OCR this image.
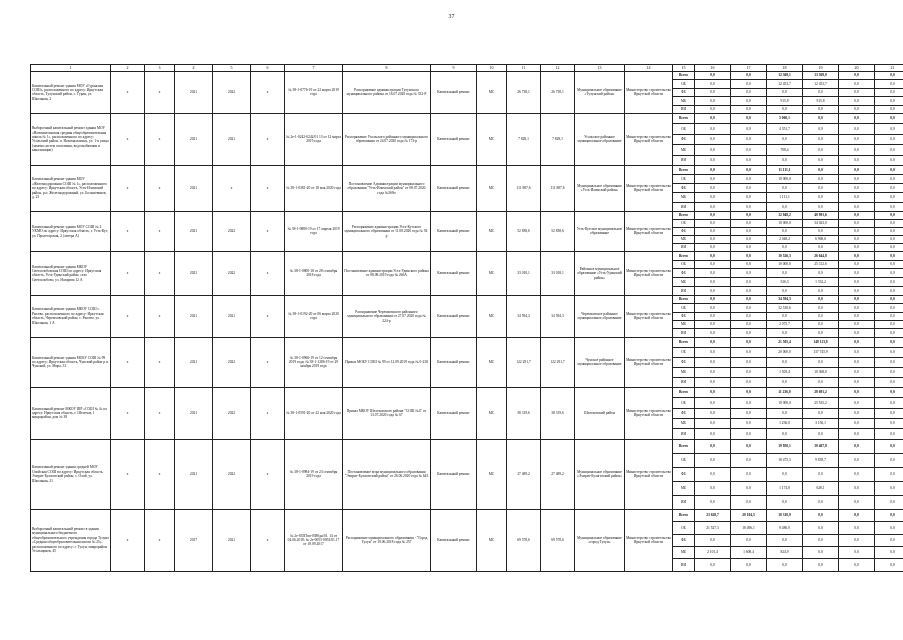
37
1	2	3	4	5	6	7	8	9	10	11	12	13	14	15	16	17	18	19	20	21
Капитальный ремонт здания МОУ «Гуранская СОШ», расположенного по адресу: Иркутская область, Тулунский район, с. Гуран, ул. Школьная, 2	x	x	2021	2022	x	№ 38-1-0776-19 от 22 марта 2019 года	Распоряжение администрации Тулунского муниципального района от 16.07.2020 года № 332-Р	Капитальный ремонт	МС	26 738,1	26 738,1	Муниципальное образование «Тулунский район»	Министерство строительства Иркутской области	Всего	0,0	0,0	12 369,1	13 369,0	0,0	0,0
														ОБ	0,0	0,0	12 453,7	12 453,7	0,0	0,0
														ФБ	0,0	0,0	0,0	0,0	0,0	0,0
														МБ	0,0	0,0	915,8	915,8	0,0	0,0
														ИИ	0,0	0,0	0,0	0,0	0,0	0,0
Выборочный капитальный ремонт здания МОУ «Новонилтинская средняя общеобразовательная школа № 1», расположенного по адресу: Усольский район, п. Новомальтинск, ул. 1-я улица (замена систем отопления, водоснабжения и канализации)	x	x	2021	2021	x	№ 2е-1-0242-0242/01 13 от 12 марта 2019 года	Распоряжение Усольского районного муниципального образования от 24.07.2020 года № 173-р	Капитальный ремонт	МС	7 828,1	7 828,1	Усольское районное муниципальное образование	Министерство строительства Иркутской области	Всего	0,0	0,0	5 060,1	0,0	0,0	0,0
														ОБ	0,0	0,0	4 351,7	0,0	0,0	0,0
														ФБ	0,0	0,0	0,0	0,0	0,0	0,0
														МБ	0,0	0,0	708,4	0,0	0,0	0,0
														ИИ	0,0	0,0	0,0	0,0	0,0	0,0
Капитальный ремонт здания МОУ «Железнодорожная СОШ № 1», расположенного по адресу: Иркутская область, Усть-Илимский район, р.п. Железнодорожный, ул. Большевиков, д. 23	x	x	2021	x	x	№ 38-1-0381-20 от 18 мая 2020 года	Постановление Администрации муниципального образования "Усть-Илимский район" от 08.07.2020 года №369п	Капитальный ремонт	МС	111 887,6	111 887,6	Муниципальное образование «Усть-Илимский район»	Министерство строительства Иркутской области	Всего	0,0	0,0	11 111,1	0,0	0,0	0,0
														ОБ	0,0	0,0	10 000,0	0,0	0,0	0,0
														ФБ	0,0	0,0	0,0	0,0	0,0	0,0
														МБ	0,0	0,0	1 111,1	0,0	0,0	0,0
														ИИ	0,0	0,0	0,0	0,0	0,0	0,0
Капитальный ремонт здания МОУ СОШ № 2 УКМО по адресу: Иркутская область, г. Усть-Кут, ул. Пролетарская, 2 (литера А)	x	x	2021	2022	x	№ 38-1-0880-19 от 17 апреля 2019 года	Распоряжение администрации Усть-Кутского муниципального образования от 11.08.2020 года № 92-р	Капитальный ремонт	МС	52 838,6	52 838,6	Усть-Кутское муниципальное образование	Министерство строительства Иркутской области	Всего	0,0	0,0	12 048,2	40 991,6	0,0	0,0
														ОБ	0,0	0,0	10 000,0	34 023,0	0,0	0,0
														ФБ	0,0	0,0	0,0	0,0	0,0	0,0
														МБ	0,0	0,0	2 048,2	6 968,6	0,0	0,0
														ИИ	0,0	0,0	0,0	0,0	0,0	0,0
Капитальный ремонт здания МКОУ Светлолобовская СОШ по адресу: Иркутская область, Усть-Удинский район, село Светлолобово, ул. Назарова 12 А	x	x	2021	2022	x	№ 38-1-0800-18 от 28 сентября 2018 года	Постановление администрации Усть-Удинского района от 08.08.2019 года № 266А	Капитальный ремонт	МС	33 018,1	33 018,1	Районное муниципальное образование «Усть-Удинский район»	Министерство строительства Иркутской области	Всего	0,0	0,0	10 526,3	26 644,8	0,0	0,0
														ОБ	0,0	0,0	10 000,0	25 312,6	0,0	0,0
														ФБ	0,0	0,0	0,0	0,0	0,0	0,0
														МБ	0,0	0,0	526,3	1 332,2	0,0	0,0
														ИИ	0,0	0,0	0,0	0,0	0,0	0,0
Капитальный ремонт здания МКОУ СОШ с. Рысево, расположенного по адресу: Иркутская область, Черемховский район, с. Рысево, ул. Школьная, 1 А	x	x	2021	2021	x	№ 38-1-0192-20 от 06 марта 2020 года	Распоряжение Черемховского районного муниципального образования от 27.07.2020 года № 224-р	Капитальный ремонт	МС	34 594,3	34 594,3	Черемховское районное муниципальное образование	Министерство строительства Иркутской области	Всего	0,0	0,0	34 594,3	0,0	0,0	0,0
														ОБ	0,0	0,0	32 518,6	0,0	0,0	0,0
														ФБ	0,0	0,0	0,0	0,0	0,0	0,0
														МБ	0,0	0,0	2 075,7	0,0	0,0	0,0
														ИИ	0,0	0,0	0,0	0,0	0,0	0,0
Капитальный ремонт здания МОБУ СОШ № 99 по адресу: Иркутская область, Чунский район р.п. Чунский, ул. Мира, 31	x	x	2021	2022	x	№ 38-1-0966-19 от 12 сентября 2019 года; № 38-1-1286-19 от 29 ноября 2019 года	Приказ МОБУ СОШ № 99 от 12.09.2019 года № 0-238	Капитальный ремонт	МС	122 291,7	122 291,7	Чунское районное муниципальное образование	Министерство строительства Иркутской области	Всего	0,0	0,0	21 505,4	148 113,9	0,0	0,0
														ОБ	0,0	0,0	20 000,0	137 745,9	0,0	0,0
														ФБ	0,0	0,0	0,0	0,0	0,0	0,0
														МБ	0,0	0,0	1 505,4	10 368,0	0,0	0,0
														ИИ	0,0	0,0	0,0	0,0	0,0	0,0
Капитальный ремонт МКОУ ШР «СОШ № 4» по адресу: Иркутская область, г. Шелехов, 1 микрорайон, дом № 38	x	x	2021	2022	x	№ 38-1-0591-20 от 22 мая 2020 года	Приказ МКОУ Шелеховского района "СОШ №4" от 13.07.2020 года № 67	Капитальный ремонт	МС	38 319,6	38 319,6	Шелеховский район	Министерство строительства Иркутской области	Всего	0,0	0,0	11 236,0	28 691,2	0,0	0,0
														ОБ	0,0	0,0	10 000,0	25 535,2	0,0	0,0
														ФБ	0,0	0,0	0,0	0,0	0,0	0,0
														МБ	0,0	0,0	1 236,0	3 156,1	0,0	0,0
														ИИ	0,0	0,0	0,0	0,0	0,0	0,0
Капитальный ремонт здания средней МОУ Олойская СОШ по адресу: Иркутская область, Эхирит-Булагатский район, с. Олой, ул. Школьная, 21	x	x	2021	2022	x	№ 38-1-0984-19 от 23 сентября 2019 года	Постановление мэра муниципального образования "Эхирит-Булагатский район" от 26.06.2020 года № 643	Капитальный ремонт	МС	27 489,2	27 489,2	Муниципальное образование «Эхирит-Булагатский район»	Министерство строительства Иркутской области	Всего	0,0	0,0	19 950,1	10 467,8	0,0	0,0
														ОБ	0,0	0,0	18 475,3	9 839,7	0,0	0,0
														ФБ	0,0	0,0	0,0	0,0	0,0	0,0
														МБ	0,0	0,0	1 174,8	628,1	0,0	0,0
														ИИ	0,0	0,0	0,0	0,0	0,0	0,0
Выборочный капитальный ремонт в здании муниципального бюджетного общеобразовательного учреждения города Тулуна «Средняя общеобразовательная школа № 25», расположенного по адресу: г. Тулун, микрорайон Угольщиков, 45	x	x	2017	2021	x	№ 2е-035Ппп-0380дн/01. 14 от 04.06.2018; № 2е-0053-0053/01.17 от 18.09.2017	Распоряжение муниципального образования - "Город Тулун" от 19.06.2018 года № 257	Капитальный ремонт	МС	69 578,6	69 578,6	Муниципальное образование «город Тулун»	Министерство строительства Иркутской области	Всего	23 628,7	20 104,5	10 310,9	0,0	0,0	0,0
														ОБ	21 527,3	18 496,1	9 486,0	0,0	0,0	0,0
														ФБ	0,0	0,0	0,0	0,0	0,0	0,0
														МБ	2 101,4	1 608,4	824,9	0,0	0,0	0,0
														ИИ	0,0	0,0	0,0	0,0	0,0	0,0
